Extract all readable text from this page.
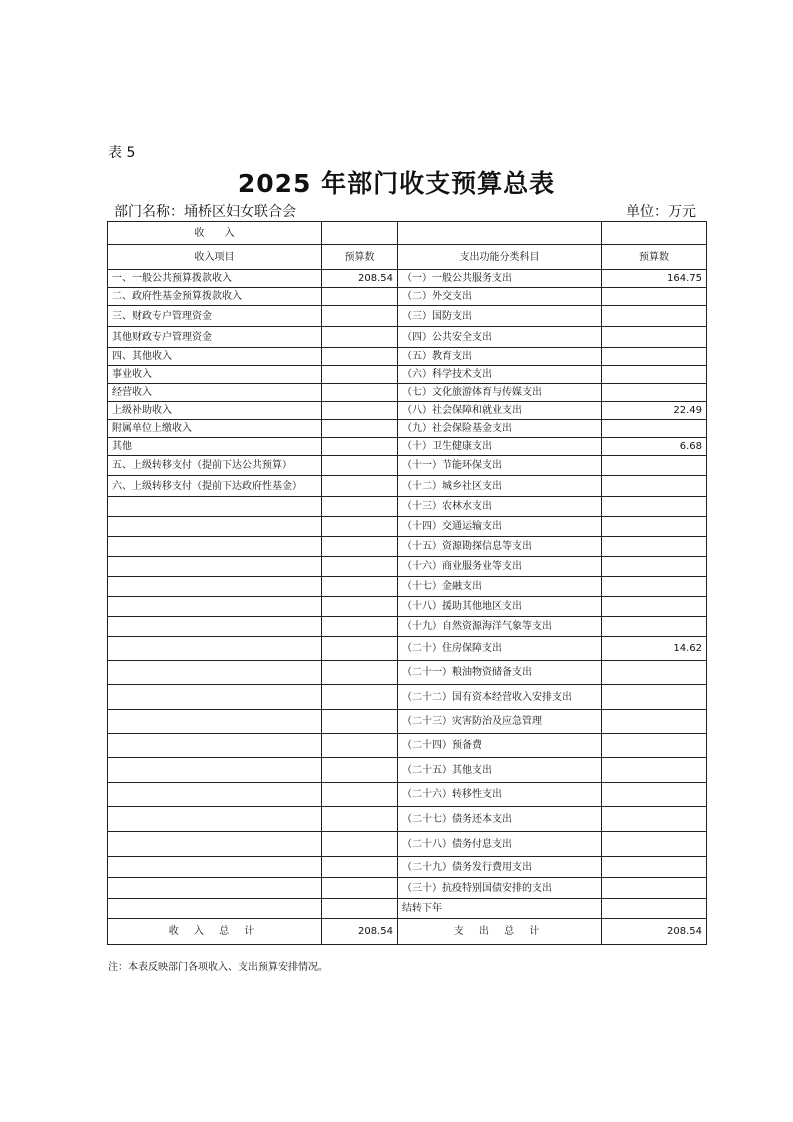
表 5
2025 年部门收支预算总表
部门名称：埇桥区妇女联合会	单位：万元
收　　入			
收入项目	预算数	支出功能分类科目	预算数
一、一般公共预算拨款收入	208.54	（一）一般公共服务支出	164.75
二、政府性基金预算拨款收入		（二）外交支出	
三、财政专户管理资金		（三）国防支出	
其他财政专户管理资金		（四）公共安全支出	
四、其他收入		（五）教育支出	
事业收入		（六）科学技术支出	
经营收入		（七）文化旅游体育与传媒支出	
上级补助收入		（八）社会保障和就业支出	22.49
附属单位上缴收入		（九）社会保险基金支出	
其他		（十）卫生健康支出	6.68
五、上级转移支付（提前下达公共预算）		（十一）节能环保支出	
六、上级转移支付（提前下达政府性基金）		（十二）城乡社区支出	
		（十三）农林水支出	
		（十四）交通运输支出	
		（十五）资源勘探信息等支出	
		（十六）商业服务业等支出	
		（十七）金融支出	
		（十八）援助其他地区支出	
		（十九）自然资源海洋气象等支出	
		（二十）住房保障支出	14.62
		（二十一）粮油物资储备支出	
		（二十二）国有资本经营收入安排支出	
		（二十三）灾害防治及应急管理	
		（二十四）预备费	
		（二十五）其他支出	
		（二十六）转移性支出	
		（二十七）债务还本支出	
		（二十八）债务付息支出	
		（二十九）债务发行费用支出	
		（三十）抗疫特别国债安排的支出	
		结转下年	
收 入 总 计	208.54	支 出 总 计	208.54
注：本表反映部门各项收入、支出预算安排情况。
